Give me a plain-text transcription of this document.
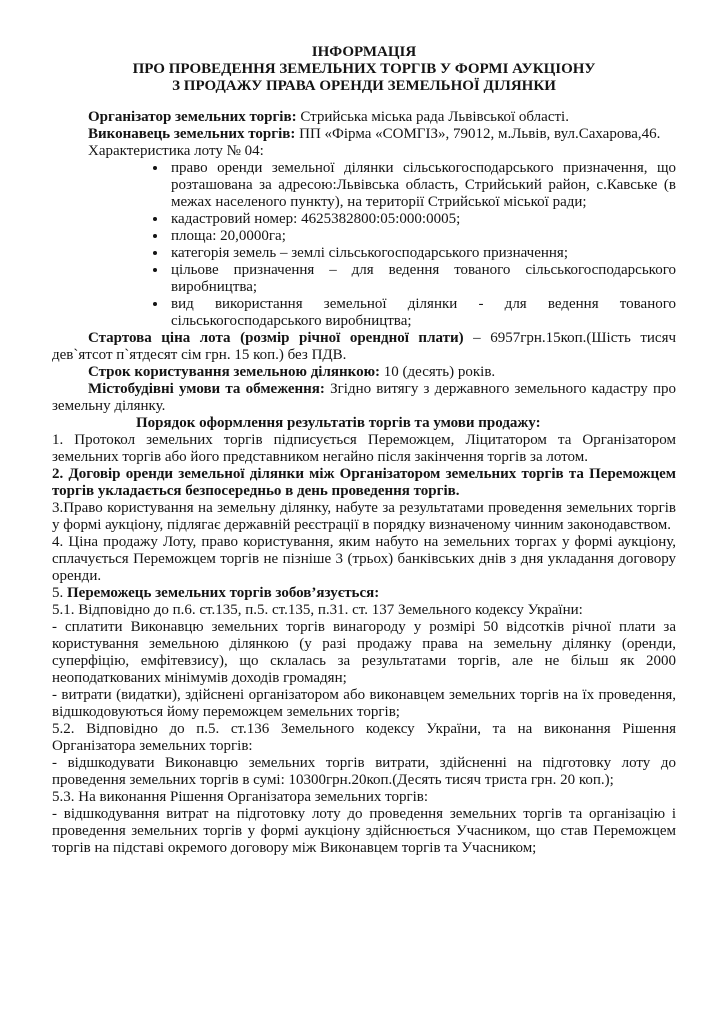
ІНФОРМАЦІЯ
ПРО ПРОВЕДЕННЯ ЗЕМЕЛЬНИХ ТОРГІВ У ФОРМІ АУКЦІОНУ
З ПРОДАЖУ ПРАВА ОРЕНДИ ЗЕМЕЛЬНОЇ ДІЛЯНКИ

Організатор земельних торгів: Стрийська міська рада Львівської області.

Виконавець земельних торгів: ПП «Фірма «СОМГІЗ», 79012, м.Львів, вул.Сахарова,46.

Характеристика лоту № 04:

• право оренди земельної ділянки сільськогосподарського призначення, що розташована за адресою:Львівська область, Стрийський район, с.Кавське (в межах населеного пункту), на території Стрийської міської ради;
• кадастровий номер: 4625382800:05:000:0005;
• площа: 20,0000га;
• категорія земель – землі сільськогосподарського призначення;
• цільове призначення – для ведення тованого сільськогосподарського виробництва;
• вид використання земельної ділянки - для ведення тованого сільськогосподарського виробництва;

Стартова ціна лота (розмір річної орендної плати) – 6957грн.15коп.(Шість тисяч дев`ятсот п`ятдесят сім грн. 15 коп.) без ПДВ.

Строк користування земельною ділянкою: 10 (десять) років.

Містобудівні умови та обмеження: Згідно витягу з державного земельного кадастру про земельну ділянку.

Порядок оформлення результатів торгів та умови продажу:

1. Протокол земельних торгів підписується Переможцем, Ліцитатором та Організатором земельних торгів або його представником негайно після закінчення торгів за лотом.

2. Договір оренди земельної ділянки між Організатором земельних торгів та Переможцем торгів укладається безпосередньо в день проведення торгів.

3.Право користування на земельну ділянку, набуте за результатами проведення земельних торгів у формі аукціону, підлягає державній реєстрації в порядку визначеному чинним законодавством.

4. Ціна продажу Лоту, право користування, яким набуто на земельних торгах у формі аукціону, сплачується Переможцем торгів не пізніше 3 (трьох) банківських днів з дня укладання договору оренди.

5. Переможець земельних торгів зобов’язується:

5.1. Відповідно до п.6. ст.135, п.5. ст.135, п.31. ст. 137 Земельного кодексу України:

- сплатити Виконавцю земельних торгів винагороду у розмірі 50 відсотків річної плати за користування земельною ділянкою (у разі продажу права на земельну ділянку (оренди, суперфіцію, емфітевзису), що склалась за результатами торгів, але не більш як 2000 неоподаткованих мінімумів доходів громадян;

- витрати (видатки), здійснені організатором або виконавцем земельних торгів на їх проведення, відшкодовуються йому переможцем земельних торгів;

5.2. Відповідно до п.5. ст.136 Земельного кодексу України, та на виконання Рішення Організатора земельних торгів:

- відшкодувати Виконавцю земельних торгів витрати, здійсненні на підготовку лоту до проведення земельних торгів в сумі: 10300грн.20коп.(Десять тисяч триста грн. 20 коп.);

5.3. На виконання Рішення Організатора земельних торгів:

- відшкодування витрат на підготовку лоту до проведення земельних торгів та організацію і проведення земельних торгів у формі аукціону здійснюється Учасником, що став Переможцем торгів на підставі окремого договору між Виконавцем торгів та Учасником;
